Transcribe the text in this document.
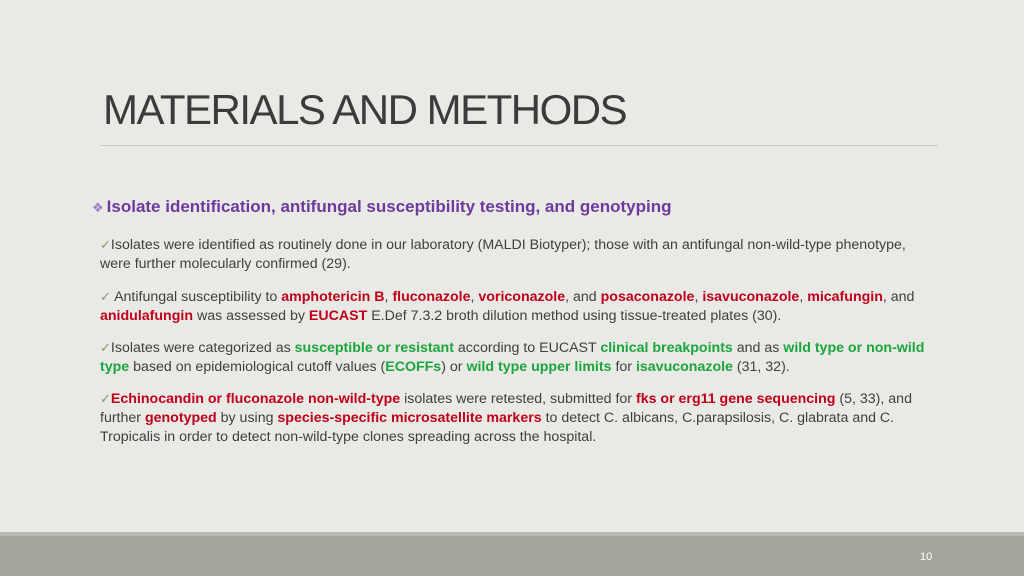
MATERIALS AND METHODS
❖ Isolate identification, antifungal susceptibility testing, and genotyping
✓Isolates were identified as routinely done in our laboratory (MALDI Biotyper); those with an antifungal non-wild-type phenotype, were further molecularly confirmed (29).
✓ Antifungal susceptibility to amphotericin B, fluconazole, voriconazole, and posaconazole, isavuconazole, micafungin, and anidulafungin was assessed by EUCAST E.Def 7.3.2 broth dilution method using tissue-treated plates (30).
✓Isolates were categorized as susceptible or resistant according to EUCAST clinical breakpoints and as wild type or non-wild type based on epidemiological cutoff values (ECOFFs) or wild type upper limits for isavuconazole (31, 32).
✓Echinocandin or fluconazole non-wild-type isolates were retested, submitted for fks or erg11 gene sequencing (5, 33), and further genotyped by using species-specific microsatellite markers to detect C. albicans, C.parapsilosis, C. glabrata and C. Tropicalis in order to detect non-wild-type clones spreading across the hospital.
10
